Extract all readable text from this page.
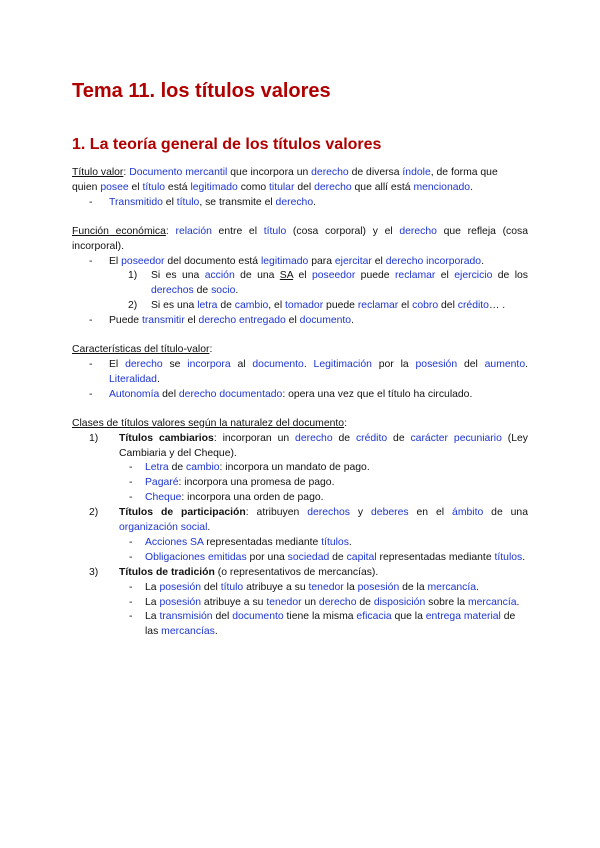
Tema 11. los títulos valores
1. La teoría general de los títulos valores

Título valor: Documento mercantil que incorpora un derecho de diversa índole, de forma que
quien posee el título está legitimado como titular del derecho que allí está mencionado.

-	Transmitido el título, se transmite el derecho.

Función económica: relación entre el título (cosa corporal) y el derecho que refleja (cosa incorporal).

-	El poseedor del documento está legitimado para ejercitar el derecho incorporado.
1)	Si es una acción de una SA el poseedor puede reclamar el ejercicio de los derechos de socio.
2)	Si es una letra de cambio, el tomador puede reclamar el cobro del crédito… .
-	Puede transmitir el derecho entregado el documento.

Características del título-valor:

-	El derecho se incorpora al documento. Legitimación por la posesión del aumento. Literalidad.
-	Autonomía del derecho documentado: opera una vez que el título ha circulado.

Clases de títulos valores según la naturalez del documento:

1)	Títulos cambiarios: incorporan un derecho de crédito de carácter pecuniario (Ley Cambiaria y del Cheque).
-	Letra de cambio: incorpora un mandato de pago.
-	Pagaré: incorpora una promesa de pago.
-	Cheque: incorpora una orden de pago.
2)	Títulos de participación: atribuyen derechos y deberes en el ámbito de una organización social.
-	Acciones SA representadas mediante títulos.
-	Obligaciones emitidas por una sociedad de capital representadas mediante títulos.
3)	Títulos de tradición (o representativos de mercancías).
-	La posesión del título atribuye a su tenedor la posesión de la mercancía.
-	La posesión atribuye a su tenedor un derecho de disposición sobre la mercancía.
-	La transmisión del documento tiene la misma eficacia que la entrega material de las mercancías.
